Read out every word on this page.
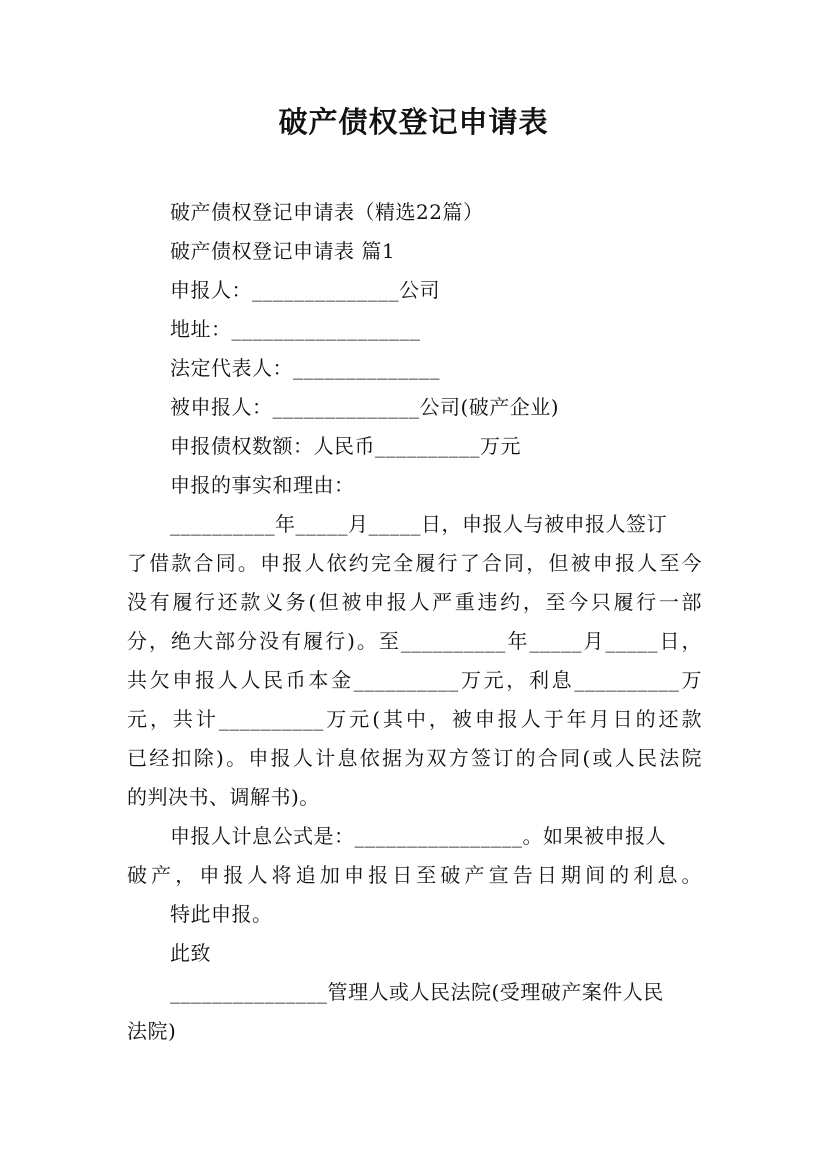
破产债权登记申请表
破产债权登记申请表（精选22篇）
破产债权登记申请表 篇1
申报人：______________公司
地址：__________________
法定代表人：______________
被申报人：______________公司(破产企业)
申报债权数额：人民币__________万元
申报的事实和理由：
__________年_____月_____日，申报人与被申报人签订
了借款合同。申报人依约完全履行了合同，但被申报人至今
没有履行还款义务(但被申报人严重违约，至今只履行一部
分，绝大部分没有履行)。至__________年_____月_____日，
共欠申报人人民币本金__________万元，利息__________万
元，共计__________万元(其中，被申报人于年月日的还款
已经扣除)。申报人计息依据为双方签订的合同(或人民法院
的判决书、调解书)。
申报人计息公式是：________________。如果被申报人
破产，申报人将追加申报日至破产宣告日期间的利息。
特此申报。
此致
_______________管理人或人民法院(受理破产案件人民
法院)
